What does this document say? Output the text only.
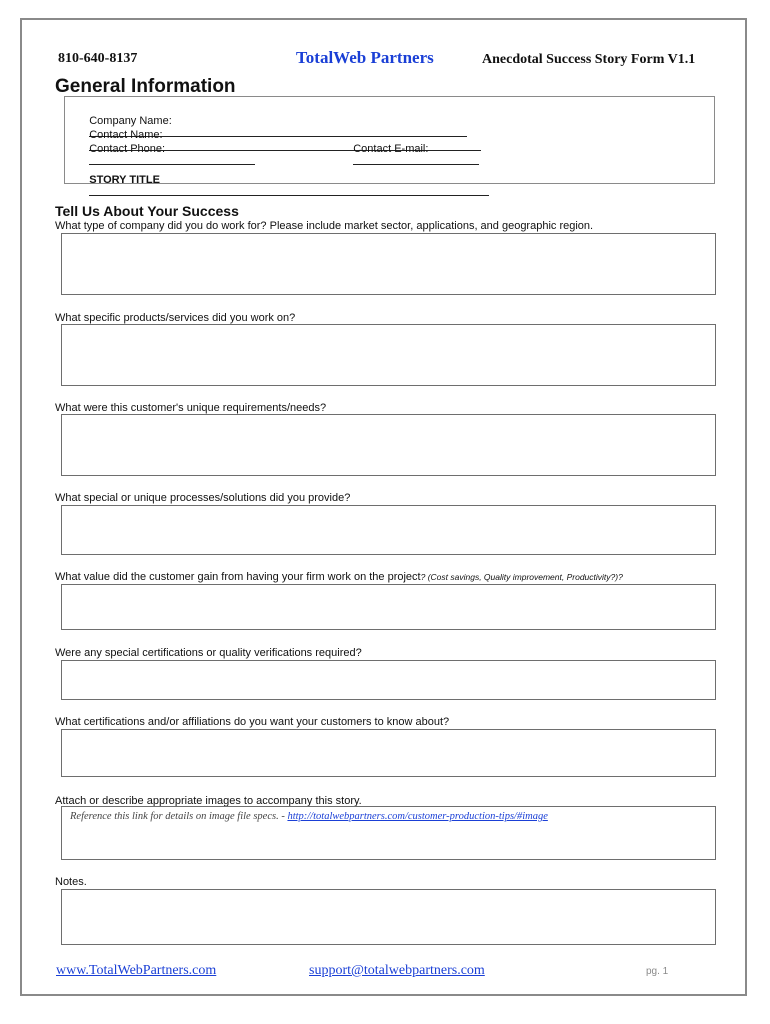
810-640-8137	TotalWeb Partners	Anecdotal Success Story Form V1.1
General Information

Company Name:

Contact Name:

Contact Phone:

	Contact E-mail:

STORY TITLE

Tell Us About Your Success
What type of company did you do work for? Please include market sector, applications, and geographic region.
What specific products/services did you work on?
What were this customer's unique requirements/needs?
What special or unique processes/solutions did you provide?
What value did the customer gain from having your firm work on the project? (Cost savings, Quality improvement, Productivity?)?
Were any special certifications or quality verifications required?
What certifications and/or affiliations do you want your customers to know about?
Attach or describe appropriate images to accompany this story.
Reference this link for details on image file specs. - http://totalwebpartners.com/customer-production-tips/#image
Notes.
www.TotalWebPartners.com	support@totalwebpartners.com	pg. 1
